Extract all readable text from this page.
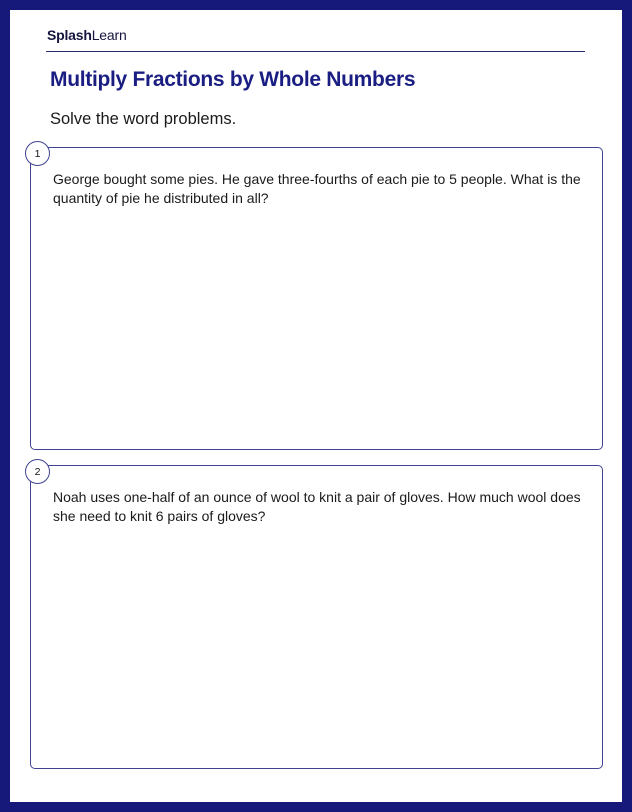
SplashLearn
Multiply Fractions by Whole Numbers
Solve the word problems.
1
George bought some pies. He gave three-fourths of each pie to 5 people. What is the quantity of pie he distributed in all?
2
Noah uses one-half of an ounce of wool to knit a pair of gloves. How much wool does she need to knit 6 pairs of gloves?
